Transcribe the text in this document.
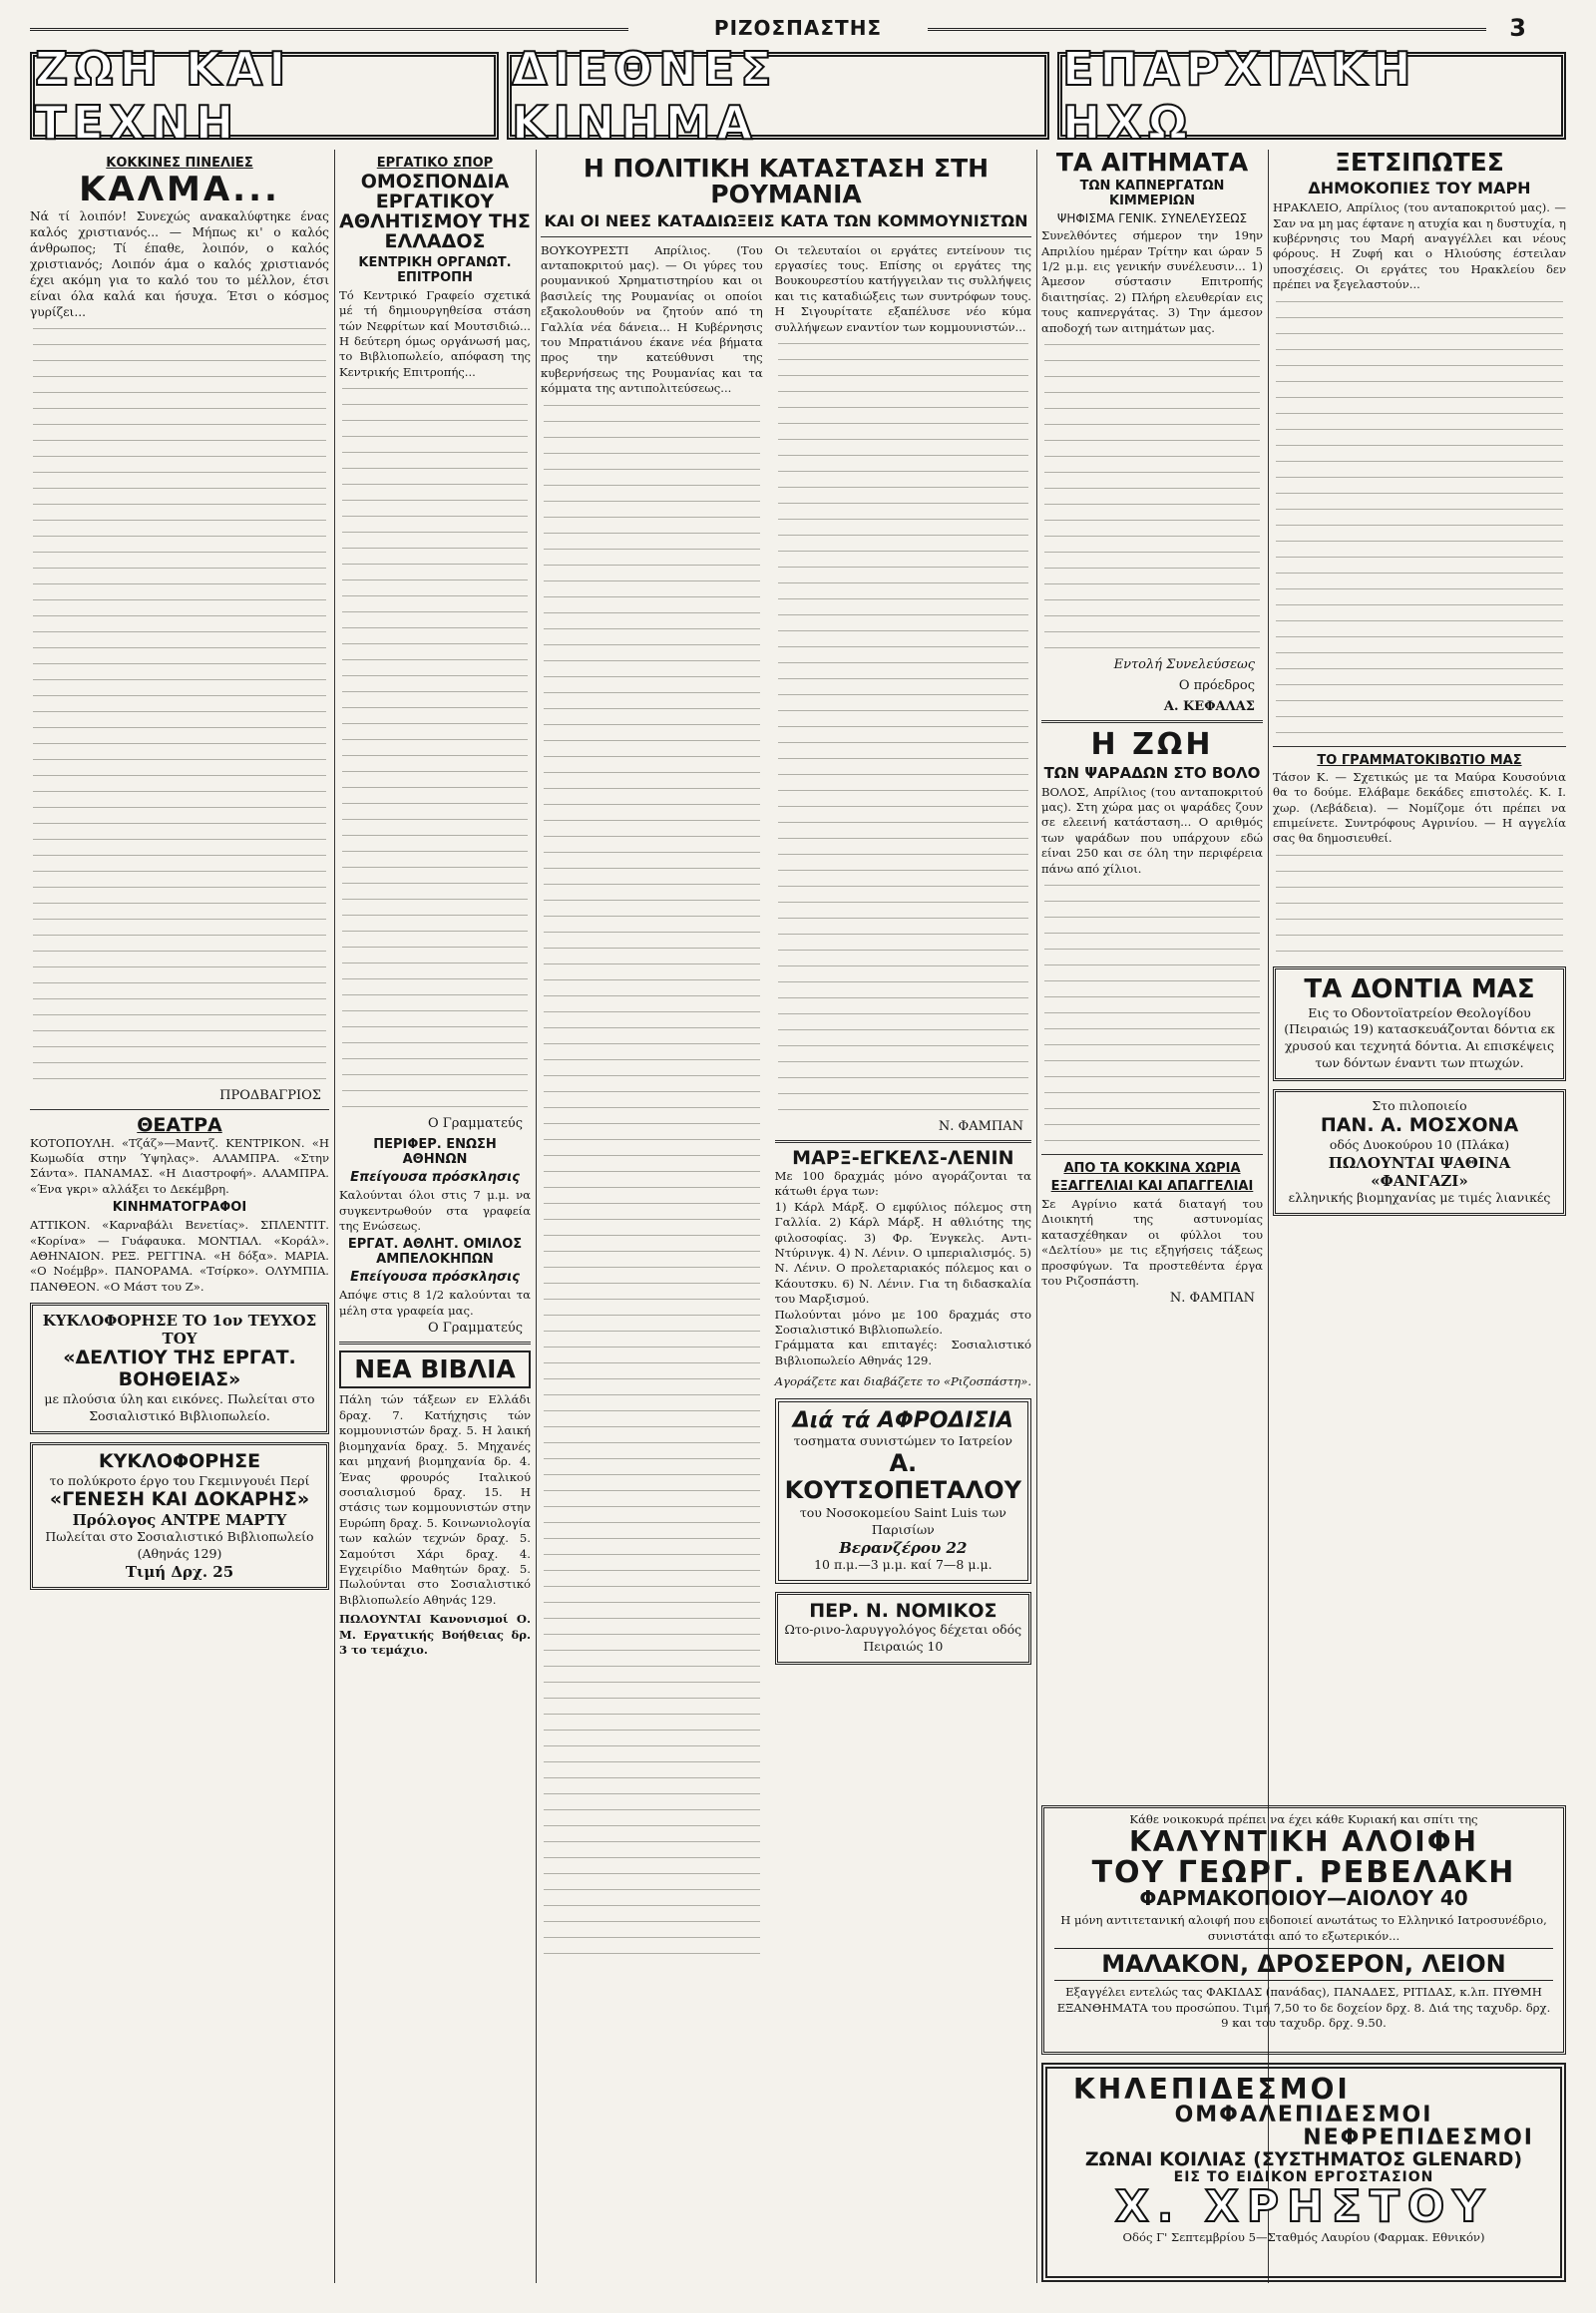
ΡΙΖΟΣΠΑΣΤΗΣ	3
ΖΩΗ ΚΑΙ ΤΕΧΝΗ
ΔΙΕΘΝΕΣ ΚΙΝΗΜΑ
ΕΠΑΡΧΙΑΚΗ ΗΧΩ
ΚΟΚΚΙΝΕΣ ΠΙΝΕΛΙΕΣ
ΚΑΛΜΑ...

Νά τί λοιπόν! Συνεχώς ανακαλύφτηκε ένας καλός χριστιανός... — Μήπως κι' ο καλός άνθρωπος; Τί έπαθε, λοιπόν, ο καλός χριστιανός; Λοιπόν άμα ο καλός χριστιανός έχει ακόμη για το καλό του το μέλλον, έτσι είναι όλα καλά και ήσυχα. Έτσι ο κόσμος γυρίζει...

ΠΡΟΔΒΑΓΡΙΟΣ
ΘΕΑΤΡΑ

ΚΟΤΟΠΟΥΛΗ. «Τζάζ»—Μαντζ. ΚΕΝΤΡΙΚΟΝ. «Η Κωμωδία στην Ύψηλας». ΑΛΑΜΠΡΑ. «Στην Σάντα». ΠΑΝΑΜΑΣ. «Η Διαστροφή». ΑΛΑΜΠΡΑ. «Ένα γκρι» αλλάξει το Δεκέμβρη.

ΚΙΝΗΜΑΤΟΓΡΑΦΟΙ

ΑΤΤΙΚΟΝ. «Καρναβάλι Βενετίας». ΣΠΛΕΝΤΙΤ. «Κορίνα» — Γυάφαυκα. ΜΟΝΤΙΑΛ. «Κοράλ». ΑΘΗΝΑΙΟΝ. ΡΕΞ. ΡΕΓΓΙΝΑ. «Η δόξα». ΜΑΡΙΑ. «Ο Νοέμβρ». ΠΑΝΟΡΑΜΑ. «Τσίρκο». ΟΛΥΜΠΙΑ. ΠΑΝΘΕΟΝ. «Ο Μάστ του Ζ».

ΚΥΚΛΟΦΟΡΗΣΕ ΤΟ 1ον ΤΕΥΧΟΣ ΤΟΥ
«ΔΕΛΤΙΟΥ ΤΗΣ ΕΡΓΑΤ. ΒΟΗΘΕΙΑΣ»
με πλούσια ύλη και εικόνες. Πωλείται στο Σοσιαλιστικό Βιβλιοπωλείο.
ΚΥΚΛΟΦΟΡΗΣΕ
το πολύκροτο έργο του Γκεμινγουέι Περί
«ΓΕΝΕΣΗ ΚΑΙ ΔΟΚΑΡΗΣ»
Πρόλογος ΑΝΤΡΕ ΜΑΡΤΥ
Πωλείται στο Σοσιαλιστικό Βιβλιοπωλείο (Αθηνάς 129)
Τιμή Δρχ. 25
ΕΡΓΑΤΙΚΟ ΣΠΟΡ
ΟΜΟΣΠΟΝΔΙΑ ΕΡΓΑΤΙΚΟΥ ΑΘΛΗΤΙΣΜΟΥ ΤΗΣ ΕΛΛΑΔΟΣ
ΚΕΝΤΡΙΚΗ ΟΡΓΑΝΩΤ. ΕΠΙΤΡΟΠΗ

Τό Κεντρικό Γραφείο σχετικά μέ τή δημιουργηθείσα στάση τών Νεφρίτων καί Μουτσιδιώ... Η δεύτερη όμως οργάνωσή μας, το Βιβλιοπωλείο, απόφαση της Κεντρικής Επιτροπής...

Ο Γραμματεύς
ΠΕΡΙΦΕΡ. ΕΝΩΣΗ ΑΘΗΝΩΝ
Επείγουσα πρόσκλησις

Καλούνται όλοι στις 7 μ.μ. να συγκεντρωθούν στα γραφεία της Ενώσεως.

ΕΡΓΑΤ. ΑΘΛΗΤ. ΟΜΙΛΟΣ ΑΜΠΕΛΟΚΗΠΩΝ
Επείγουσα πρόσκλησις

Απόψε στις 8 1/2 καλούνται τα μέλη στα γραφεία μας.

Ο Γραμματεύς
ΝΕΑ ΒΙΒΛΙΑ

Πάλη τών τάξεων εν Ελλάδι δραχ. 7. Κατήχησις τών κομμουνιστών δραχ. 5. Η λαική βιομηχανία δραχ. 5. Μηχανές και μηχανή βιομηχανία δρ. 4. Ένας φρουρός Ιταλικού σοσιαλισμού δραχ. 15. Η στάσις των κομμουνιστών στην Ευρώπη δραχ. 5. Κοινωνιολογία των καλών τεχνών δραχ. 5. Σαμούτσι Χάρι δραχ. 4. Εγχειρίδιο Μαθητών δραχ. 5. Πωλούνται στο Σοσιαλιστικό Βιβλιοπωλείο Αθηνάς 129.

ΠΩΛΟΥΝΤΑΙ Κανονισμοί Ο. Μ. Εργατικής Βοήθειας δρ. 3 το τεμάχιο.

Η ΠΟΛΙΤΙΚΗ ΚΑΤΑΣΤΑΣΗ ΣΤΗ ΡΟΥΜΑΝΙΑ
ΚΑΙ ΟΙ ΝΕΕΣ ΚΑΤΑΔΙΩΞΕΙΣ ΚΑΤΑ ΤΩΝ ΚΟΜΜΟΥΝΙΣΤΩΝ

ΒΟΥΚΟΥΡΕΣΤΙ Απρίλιος. (Του ανταποκριτού μας). — Οι γύρες του ρουμανικού Χρηματιστηρίου και οι βασιλείς της Ρουμανίας οι οποίοι εξακολουθούν να ζητούν από τη Γαλλία νέα δάνεια... Η Κυβέρνησις του Μπρατιάνου έκανε νέα βήματα προς την κατεύθυνσι της κυβερνήσεως της Ρουμανίας και τα κόμματα της αντιπολιτεύσεως...

Οι τελευταίοι οι εργάτες εντείνουν τις εργασίες τους. Επίσης οι εργάτες της Βουκουρεστίου κατήγγειλαν τις συλλήψεις και τις καταδιώξεις των συντρόφων τους. Η Σιγουρίτατε εξαπέλυσε νέο κύμα συλλήψεων εναντίον των κομμουνιστών...

Ν. ΦΑΜΠΑΝ
ΜΑΡΞ-ΕΓΚΕΛΣ-ΛΕΝΙΝ

Με 100 δραχμάς μόνο αγοράζονται τα κάτωθι έργα των:

1) Κάρλ Μάρξ. Ο εμφύλιος πόλεμος στη Γαλλία. 2) Κάρλ Μάρξ. Η αθλιότης της φιλοσοφίας. 3) Φρ. Ένγκελς. Αντι-Ντύρινγκ. 4) Ν. Λένιν. Ο ιμπεριαλισμός. 5) Ν. Λένιν. Ο προλεταριακός πόλεμος και ο Κάουτσκυ. 6) Ν. Λένιν. Για τη διδασκαλία του Μαρξισμού.

Πωλούνται μόνο με 100 δραχμάς στο Σοσιαλιστικό Βιβλιοπωλείο.

Γράμματα και επιταγές: Σοσιαλιστικό Βιβλιοπωλείο Αθηνάς 129.

Αγοράζετε και διαβάζετε το «Ριζοσπάστη».

Διά τά ΑΦΡΟΔΙΣΙΑ
τοσηματα συνιστώμεν το Ιατρείον
Α. ΚΟΥΤΣΟΠΕΤΑΛΟΥ
του Νοσοκομείου Saint Luis των Παρισίων
Βερανζέρου 22
10 π.μ.—3 μ.μ. καί 7—8 μ.μ.
ΠΕΡ. Ν. ΝΟΜΙΚΟΣ
Ωτο-ρινο-λαρυγγολόγος δέχεται οδός Πειραιώς 10
ΤΑ ΑΙΤΗΜΑΤΑ
ΤΩΝ ΚΑΠΝΕΡΓΑΤΩΝ ΚΙΜΜΕΡΙΩΝ
ΨΗΦΙΣΜΑ ΓΕΝΙΚ. ΣΥΝΕΛΕΥΣΕΩΣ

Συνελθόντες σήμερον την 19ην Απριλίου ημέραν Τρίτην και ώραν 5 1/2 μ.μ. εις γενικήν συνέλευσιν... 1) Άμεσον σύστασιν Επιτροπής διαιτησίας. 2) Πλήρη ελευθερίαν εις τους καπνεργάτας. 3) Την άμεσον αποδοχή των αιτημάτων μας.

Εντολή Συνελεύσεως
Ο πρόεδρος
Α. ΚΕΦΑΛΑΣ
Η ΖΩΗ
ΤΩΝ ΨΑΡΑΔΩΝ ΣΤΟ ΒΟΛΟ

ΒΟΛΟΣ, Απρίλιος (του ανταποκριτού μας). Στη χώρα μας οι ψαράδες ζουν σε ελεεινή κατάσταση... Ο αριθμός των ψαράδων που υπάρχουν εδώ είναι 250 και σε όλη την περιφέρεια πάνω από χίλιοι.

ΑΠΟ ΤΑ ΚΟΚΚΙΝΑ ΧΩΡΙΑ
ΕΞΑΓΓΕΛΙΑΙ ΚΑΙ ΑΠΑΓΓΕΛΙΑΙ

Σε Αγρίνιο κατά διαταγή του Διοικητή της αστυνομίας κατασχέθηκαν οι φύλλοι του «Δελτίου» με τις εξηγήσεις τάξεως προσφύγων. Τα προστεθέντα έργα του Ριζοσπάστη.

Ν. ΦΑΜΠΑΝ
ΞΕΤΣΙΠΩΤΕΣ
ΔΗΜΟΚΟΠΙΕΣ ΤΟΥ ΜΑΡΗ

ΗΡΑΚΛΕΙΟ, Απρίλιος (του ανταποκριτού μας). — Σαν να μη μας έφτανε η ατυχία και η δυστυχία, η κυβέρνησις του Μαρή αναγγέλλει και νέους φόρους. Η Ζυφή και ο Ηλιούσης έστειλαν υποσχέσεις. Οι εργάτες του Ηρακλείου δεν πρέπει να ξεγελαστούν...

ΤΟ ΓΡΑΜΜΑΤΟΚΙΒΩΤΙΟ ΜΑΣ

Τάσον Κ. — Σχετικώς με τα Μαύρα Κουσούνια θα το δούμε. Ελάβαμε δεκάδες επιστολές. Κ. Ι. χωρ. (Λεβάδεια). — Νομίζομε ότι πρέπει να επιμείνετε. Συντρόφους Αγρινίου. — Η αγγελία σας θα δημοσιευθεί.

ΤΑ ΔΟΝΤΙΑ ΜΑΣ
Εις το Οδοντοϊατρείον Θεολογίδου (Πειραιώς 19) κατασκευάζονται δόντια εκ χρυσού και τεχνητά δόντια. Αι επισκέψεις των δόντων έναντι των πτωχών.
Στο πιλοποιείο
ΠΑΝ. Α. ΜΟΣΧΟΝΑ
οδός Δυοκούρου 10 (Πλάκα)
ΠΩΛΟΥΝΤΑΙ ΨΑΘΙΝΑ «ΦΑΝΓΑΖΙ»
ελληνικής βιομηχανίας με τιμές λιανικές
Κάθε νοικοκυρά πρέπει να έχει κάθε Κυριακή και σπίτι της
ΚΑΛΥΝΤΙΚΗ ΑΛΟΙΦΗ
ΤΟΥ ΓΕΩΡΓ. ΡΕΒΕΛΑΚΗ
ΦΑΡΜΑΚΟΠΟΙΟΥ—ΑΙΟΛΟΥ 40

Η μόνη αντιτετανική αλοιφή που ειδοποιεί ανωτάτως το Ελληνικό Ιατροσυνέδριο, συνιστάται από το εξωτερικόν...

ΜΑΛΑΚΟΝ, ΔΡΟΣΕΡΟΝ, ΛΕΙΟΝ

Εξαγγέλει εντελώς τας ΦΑΚΙΔΑΣ (πανάδας), ΠΑΝΑΔΕΣ, ΡΙΤΙΔΑΣ, κ.λπ. ΠΥΘΜΗ ΕΞΑΝΘΗΜΑΤΑ του προσώπου. Τιμή 7,50 το δε δοχείον δρχ. 8. Διά της ταχυδρ. δρχ. 9 και του ταχυδρ. δρχ. 9.50.

ΚΗΛΕΠΙΔΕΣΜΟΙ
ΟΜΦΑΛΕΠΙΔΕΣΜΟΙ
ΝΕΦΡΕΠΙΔΕΣΜΟΙ
ΖΩΝΑΙ ΚΟΙΛΙΑΣ (ΣΥΣΤΗΜΑΤΟΣ GLENARD)
ΕΙΣ ΤΟ ΕΙΔΙΚΟΝ ΕΡΓΟΣΤΑΣΙΟΝ
Χ. ΧΡΗΣΤΟΥ
Οδός Γ' Σεπτεμβρίου 5—Σταθμός Λαυρίου (Φαρμακ. Εθνικόν)
